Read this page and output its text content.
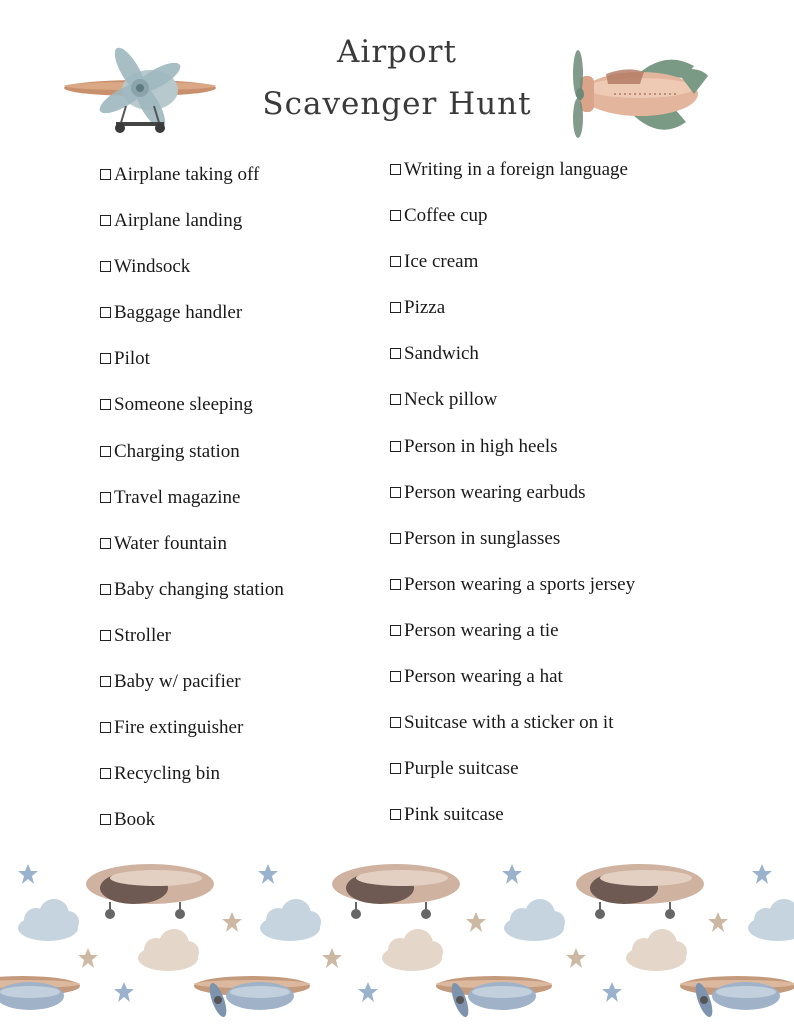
Airport
Scavenger Hunt
Airplane taking off
Airplane landing
Windsock
Baggage handler
Pilot
Someone sleeping
Charging station
Travel magazine
Water fountain
Baby changing station
Stroller
Baby w/ pacifier
Fire extinguisher
Recycling bin
Book
Writing in a foreign language
Coffee cup
Ice cream
Pizza
Sandwich
Neck pillow
Person in high heels
Person wearing earbuds
Person in sunglasses
Person wearing a sports jersey
Person wearing a tie
Person wearing a hat
Suitcase with a sticker on it
Purple suitcase
Pink suitcase
